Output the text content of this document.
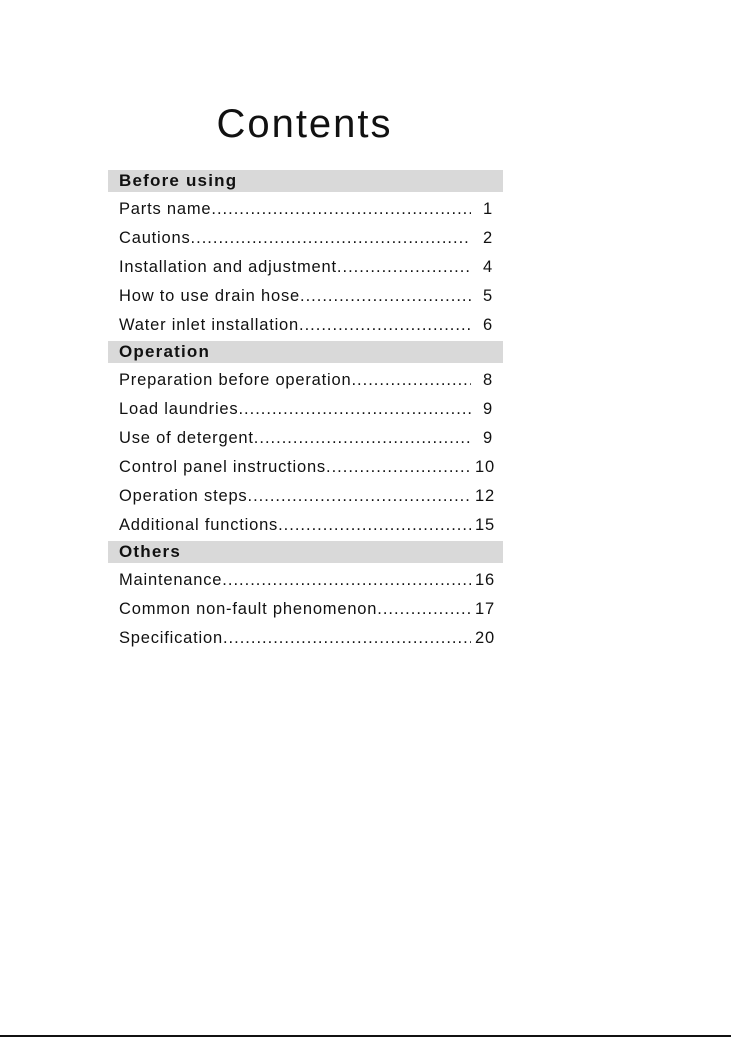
Contents
Before using
Parts name .....	1
Cautions .....	2
Installation and adjustment .....	4
How to use drain hose .....	5
Water inlet installation .....	6
Operation
Preparation before operation .....	8
Load laundries .....	9
Use of detergent .....	9
Control panel instructions .....	10
Operation steps .....	12
Additional functions .....	15
Others
Maintenance .....	16
Common non-fault phenomenon .....	17
Specification .....	20
